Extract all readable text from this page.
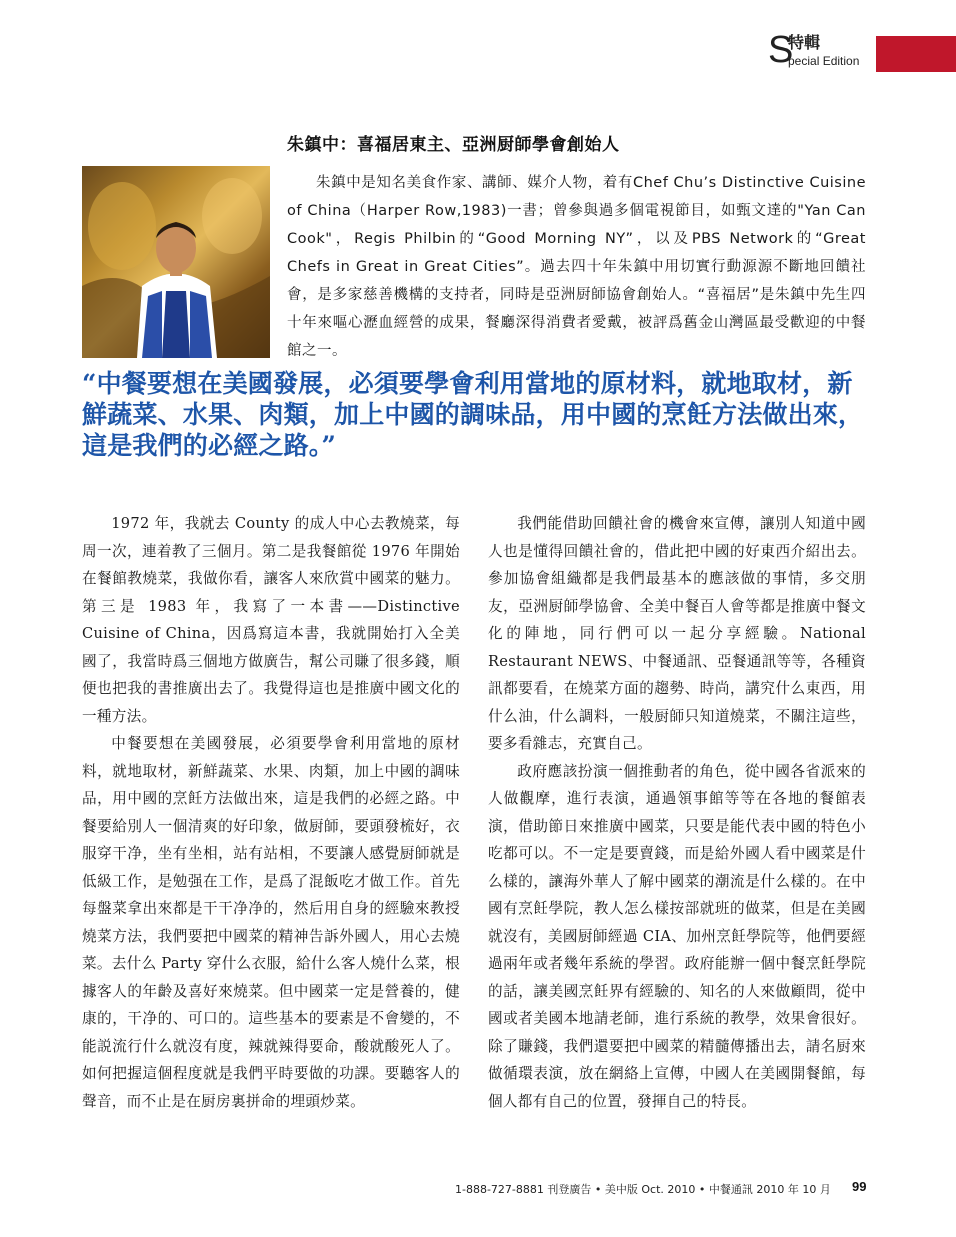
S
特輯
pecial Edition
朱鎮中：喜福居東主、亞洲厨師學會創始人

朱鎮中是知名美食作家、講師、媒介人物，着有Chef Chu’s Distinctive Cuisine of China（Harper Row,1983)一書；曾參與過多個電視節目，如甄文達的"Yan Can Cook"，Regis Philbin的“Good Morning NY”，以及PBS Network的“Great Chefs in Great in Great Cities”。過去四十年朱鎮中用切實行動源源不斷地回饋社會，是多家慈善機構的支持者，同時是亞洲厨師協會創始人。“喜福居”是朱鎮中先生四十年來嘔心瀝血經營的成果，餐廳深得消費者愛戴，被評爲舊金山灣區最受歡迎的中餐館之一。

“中餐要想在美國發展，必須要學會利用當地的原材料，就地取材，新鮮蔬菜、水果、肉類，加上中國的調味品，用中國的烹飪方法做出來，這是我們的必經之路。”

1972 年，我就去 County 的成人中心去教燒菜，每周一次，連着教了三個月。第二是我餐館從 1976 年開始在餐館教燒菜，我做你看，讓客人來欣賞中國菜的魅力。第三是 1983 年，我寫了一本書——Distinctive Cuisine of China，因爲寫這本書，我就開始打入全美國了，我當時爲三個地方做廣告，幫公司賺了很多錢，順便也把我的書推廣出去了。我覺得這也是推廣中國文化的一種方法。

中餐要想在美國發展，必須要學會利用當地的原材料，就地取材，新鮮蔬菜、水果、肉類，加上中國的調味品，用中國的烹飪方法做出來，這是我們的必經之路。中餐要給別人一個清爽的好印象，做厨師，要頭發梳好，衣服穿干净，坐有坐相，站有站相，不要讓人感覺厨師就是低級工作，是勉强在工作，是爲了混飯吃才做工作。首先每盤菜拿出來都是干干净净的，然后用自身的經驗來教授燒菜方法，我們要把中國菜的精神告訴外國人，用心去燒菜。去什么 Party 穿什么衣服，給什么客人燒什么菜，根據客人的年齡及喜好來燒菜。但中國菜一定是營養的，健康的，干净的、可口的。這些基本的要素是不會變的，不能説流行什么就沒有度，辣就辣得要命，酸就酸死人了。如何把握這個程度就是我們平時要做的功課。要聽客人的聲音，而不止是在厨房裏拼命的埋頭炒菜。

我們能借助回饋社會的機會來宣傳，讓別人知道中國人也是懂得回饋社會的，借此把中國的好東西介紹出去。參加協會組織都是我們最基本的應該做的事情，多交朋友，亞洲厨師學協會、全美中餐百人會等都是推廣中餐文化的陣地，同行們可以一起分享經驗。National Restaurant NEWS、中餐通訊、亞餐通訊等等，各種資訊都要看，在燒菜方面的趨勢、時尚，講究什么東西，用什么油，什么調料，一般厨師只知道燒菜，不關注這些，要多看雜志，充實自己。

政府應該扮演一個推動者的角色，從中國各省派來的人做觀摩，進行表演，通過領事館等等在各地的餐館表演，借助節日來推廣中國菜，只要是能代表中國的特色小吃都可以。不一定是要賣錢，而是給外國人看中國菜是什么樣的，讓海外華人了解中國菜的潮流是什么樣的。在中國有烹飪學院，教人怎么樣按部就班的做菜，但是在美國就沒有，美國厨師經過 CIA、加州烹飪學院等，他們要經過兩年或者幾年系統的學習。政府能辦一個中餐烹飪學院的話，讓美國烹飪界有經驗的、知名的人來做顧問，從中國或者美國本地請老師，進行系統的教學，效果會很好。除了賺錢，我們還要把中國菜的精髓傳播出去，請名厨來做循環表演，放在網絡上宣傳，中國人在美國開餐館，每個人都有自己的位置，發揮自己的特長。

1-888-727-8881 刊登廣告 • 美中版 Oct. 2010 • 中餐通訊 2010 年 10 月 99
